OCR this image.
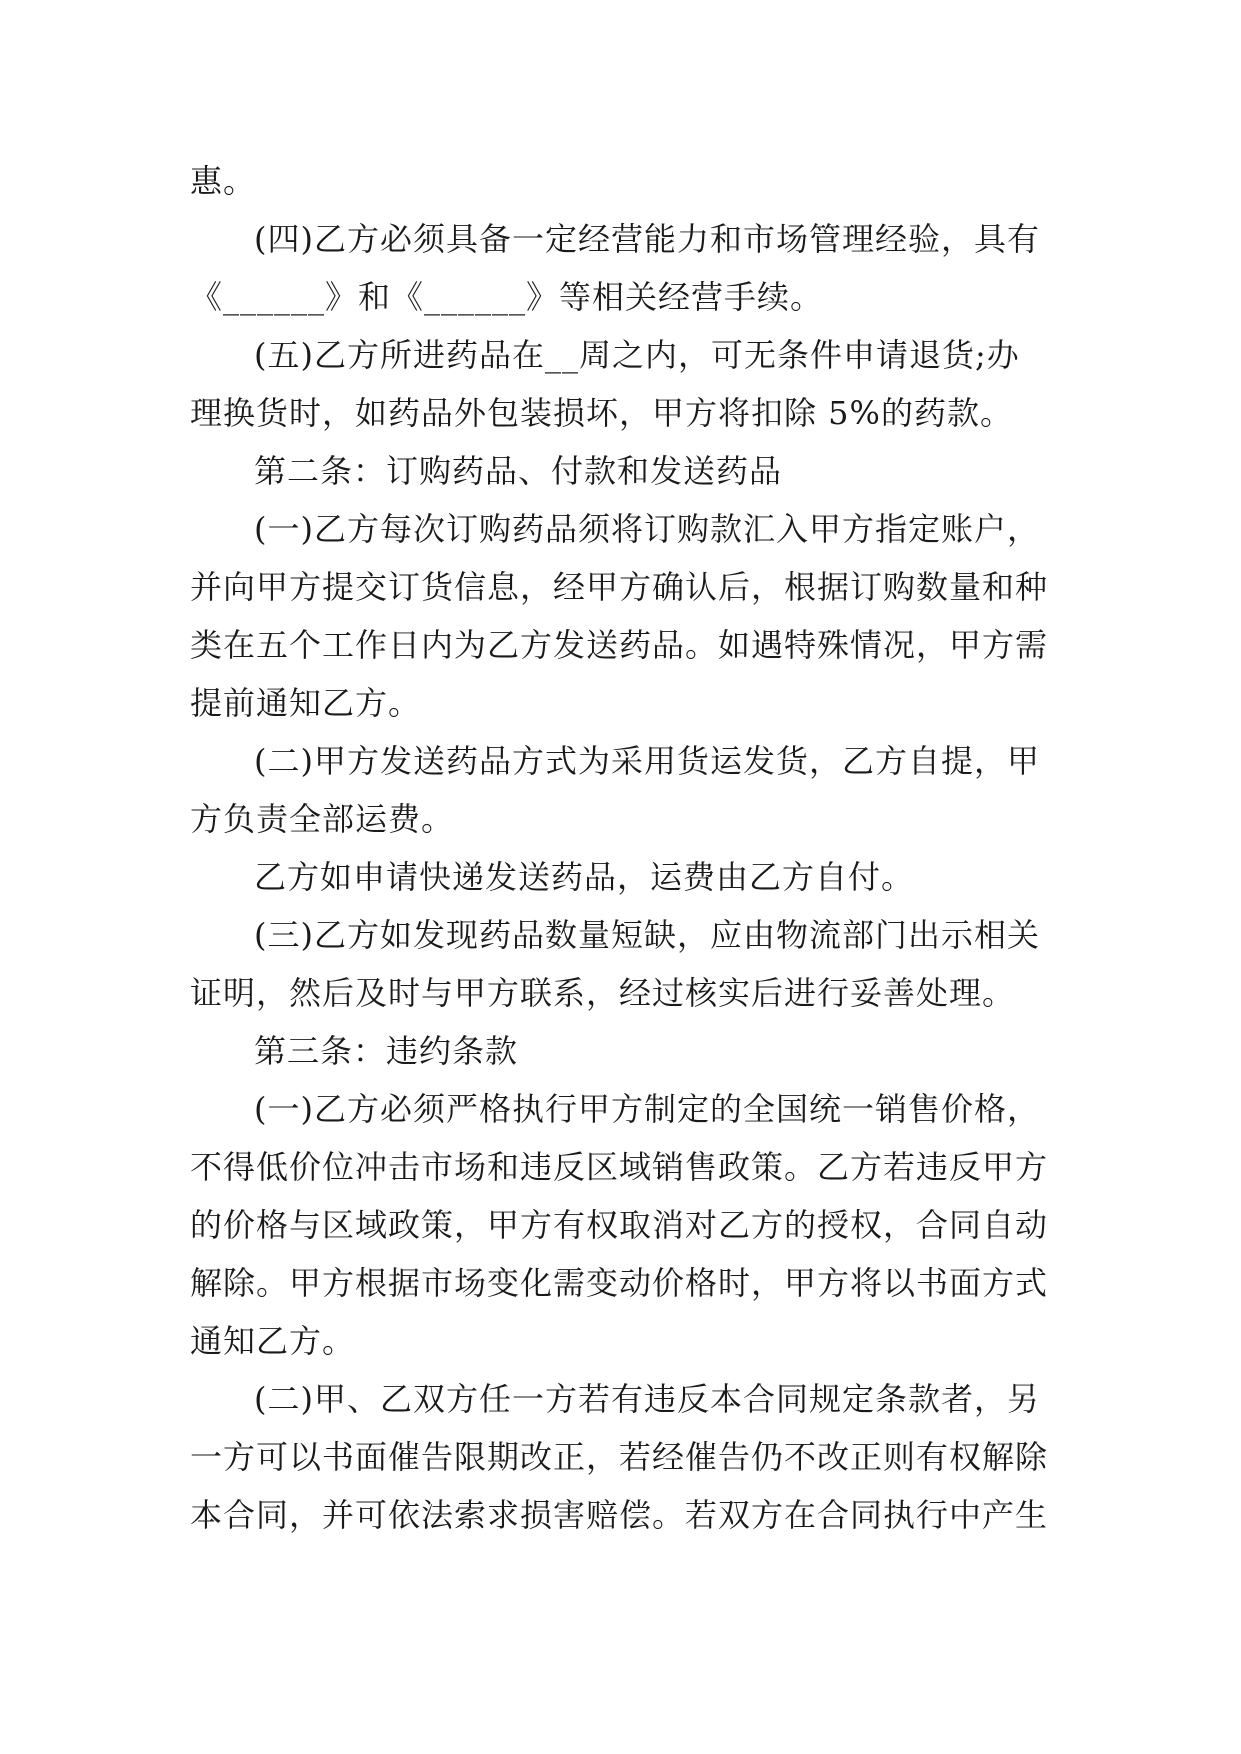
惠。
(四)乙方必须具备一定经营能力和市场管理经验，具有
《______》和《______》等相关经营手续。
(五)乙方所进药品在__周之内，可无条件申请退货;办
理换货时，如药品外包装损坏，甲方将扣除 5%的药款。
第二条：订购药品、付款和发送药品
(一)乙方每次订购药品须将订购款汇入甲方指定账户，
并向甲方提交订货信息，经甲方确认后，根据订购数量和种
类在五个工作日内为乙方发送药品。如遇特殊情况，甲方需
提前通知乙方。
(二)甲方发送药品方式为采用货运发货，乙方自提，甲
方负责全部运费。
乙方如申请快递发送药品，运费由乙方自付。
(三)乙方如发现药品数量短缺，应由物流部门出示相关
证明，然后及时与甲方联系，经过核实后进行妥善处理。
第三条：违约条款
(一)乙方必须严格执行甲方制定的全国统一销售价格，
不得低价位冲击市场和违反区域销售政策。乙方若违反甲方
的价格与区域政策，甲方有权取消对乙方的授权，合同自动
解除。甲方根据市场变化需变动价格时，甲方将以书面方式
通知乙方。
(二)甲、乙双方任一方若有违反本合同规定条款者，另
一方可以书面催告限期改正，若经催告仍不改正则有权解除
本合同，并可依法索求损害赔偿。若双方在合同执行中产生
